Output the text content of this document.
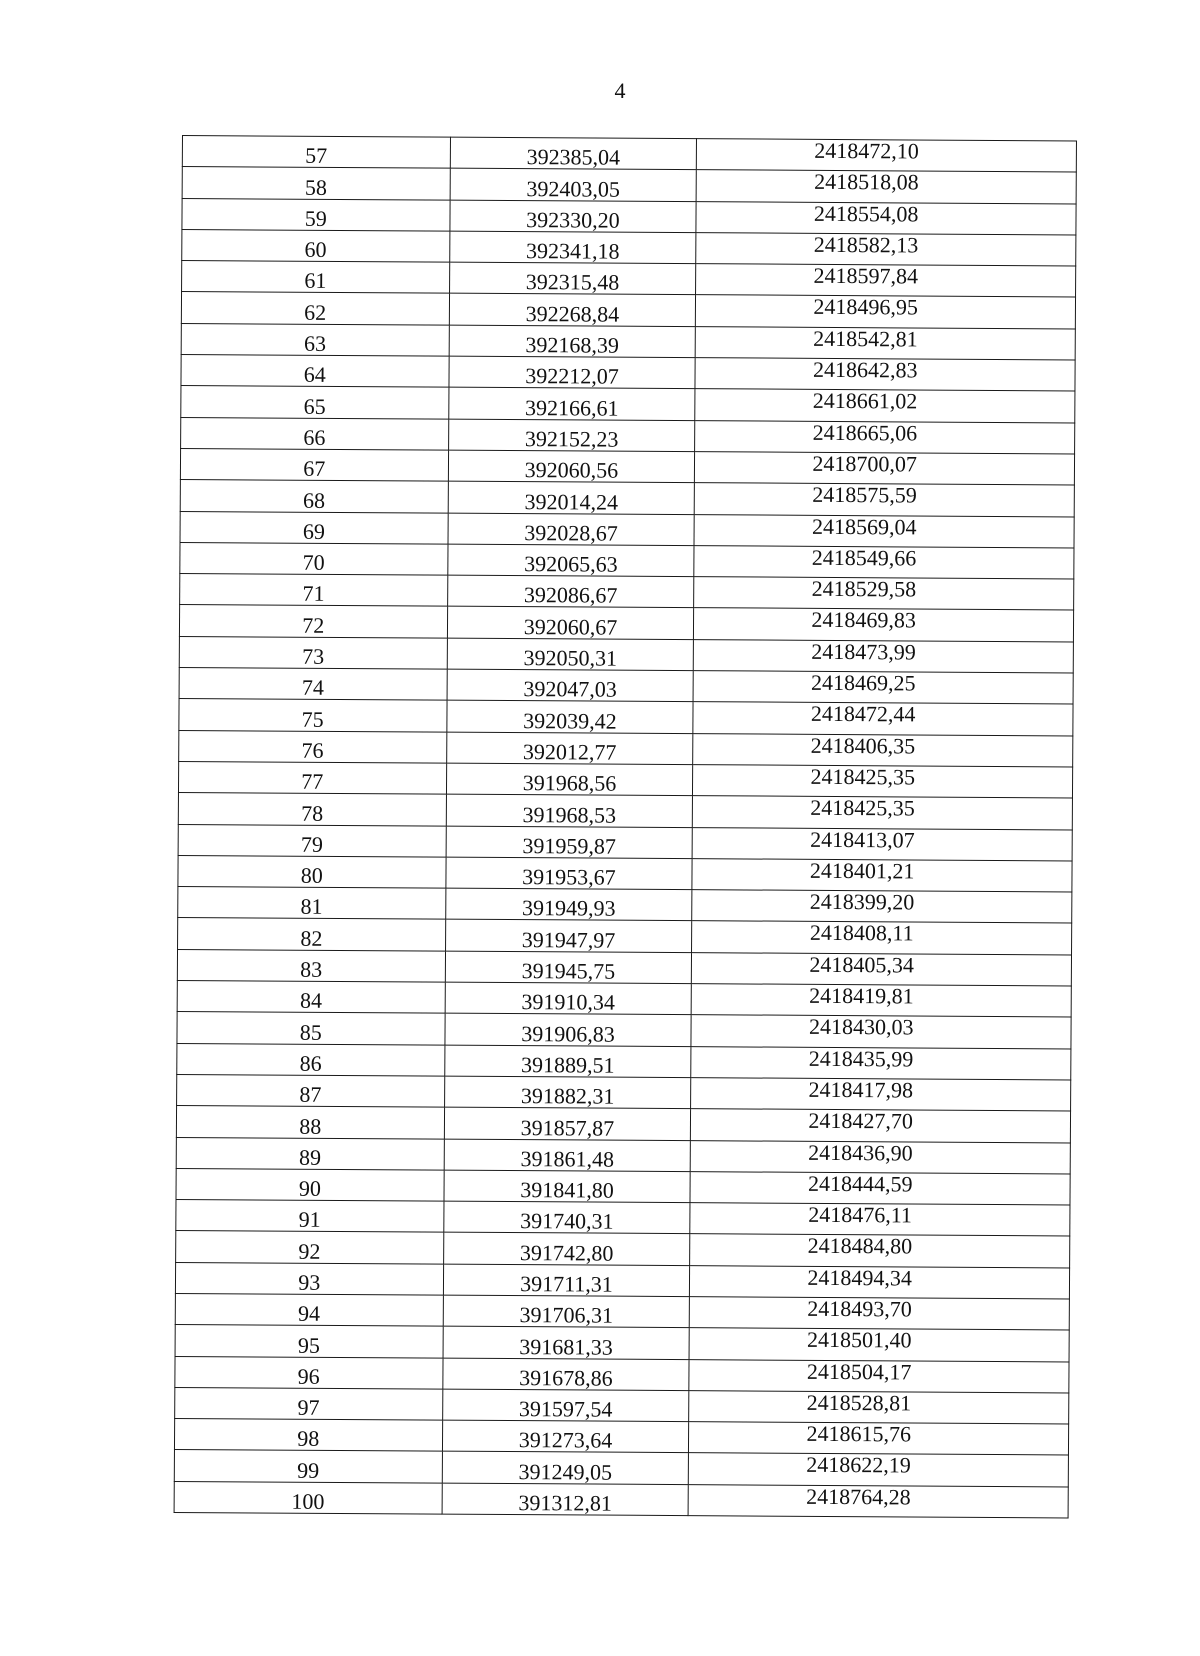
4
57	392385,04	2418472,10
58	392403,05	2418518,08
59	392330,20	2418554,08
60	392341,18	2418582,13
61	392315,48	2418597,84
62	392268,84	2418496,95
63	392168,39	2418542,81
64	392212,07	2418642,83
65	392166,61	2418661,02
66	392152,23	2418665,06
67	392060,56	2418700,07
68	392014,24	2418575,59
69	392028,67	2418569,04
70	392065,63	2418549,66
71	392086,67	2418529,58
72	392060,67	2418469,83
73	392050,31	2418473,99
74	392047,03	2418469,25
75	392039,42	2418472,44
76	392012,77	2418406,35
77	391968,56	2418425,35
78	391968,53	2418425,35
79	391959,87	2418413,07
80	391953,67	2418401,21
81	391949,93	2418399,20
82	391947,97	2418408,11
83	391945,75	2418405,34
84	391910,34	2418419,81
85	391906,83	2418430,03
86	391889,51	2418435,99
87	391882,31	2418417,98
88	391857,87	2418427,70
89	391861,48	2418436,90
90	391841,80	2418444,59
91	391740,31	2418476,11
92	391742,80	2418484,80
93	391711,31	2418494,34
94	391706,31	2418493,70
95	391681,33	2418501,40
96	391678,86	2418504,17
97	391597,54	2418528,81
98	391273,64	2418615,76
99	391249,05	2418622,19
100	391312,81	2418764,28
